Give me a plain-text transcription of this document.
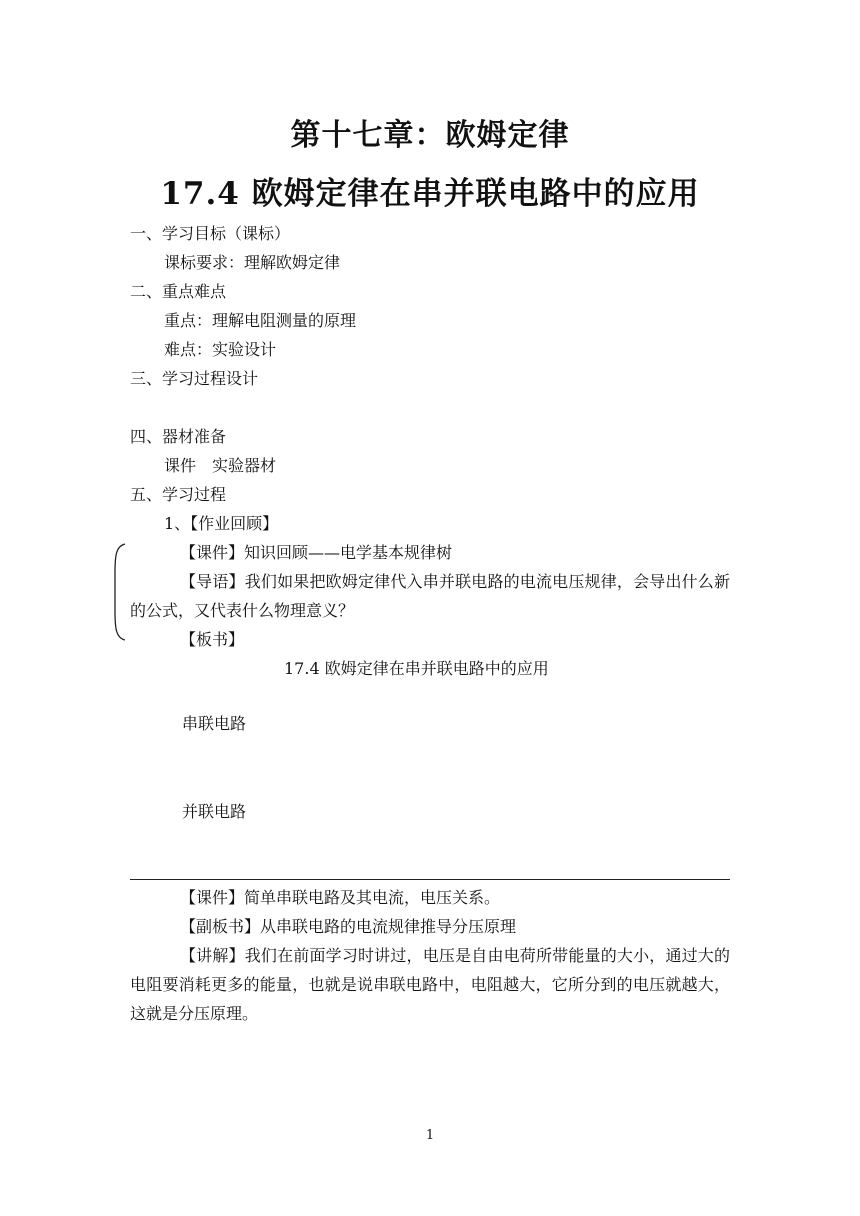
第十七章：欧姆定律
17.4 欧姆定律在串并联电路中的应用
一、学习目标（课标）
课标要求：理解欧姆定律
二、重点难点
重点：理解电阻测量的原理
难点：实验设计
三、学习过程设计
四、器材准备
课件　实验器材
五、学习过程
1、【作业回顾】
【课件】知识回顾——电学基本规律树
【导语】我们如果把欧姆定律代入串并联电路的电流电压规律，会导出什么新的公式，又代表什么物理意义？
【板书】
17.4 欧姆定律在串并联电路中的应用
串联电路
并联电路
【课件】简单串联电路及其电流，电压关系。
【副板书】从串联电路的电流规律推导分压原理
【讲解】我们在前面学习时讲过，电压是自由电荷所带能量的大小，通过大的电阻要消耗更多的能量，也就是说串联电路中，电阻越大，它所分到的电压就越大，这就是分压原理。
1
